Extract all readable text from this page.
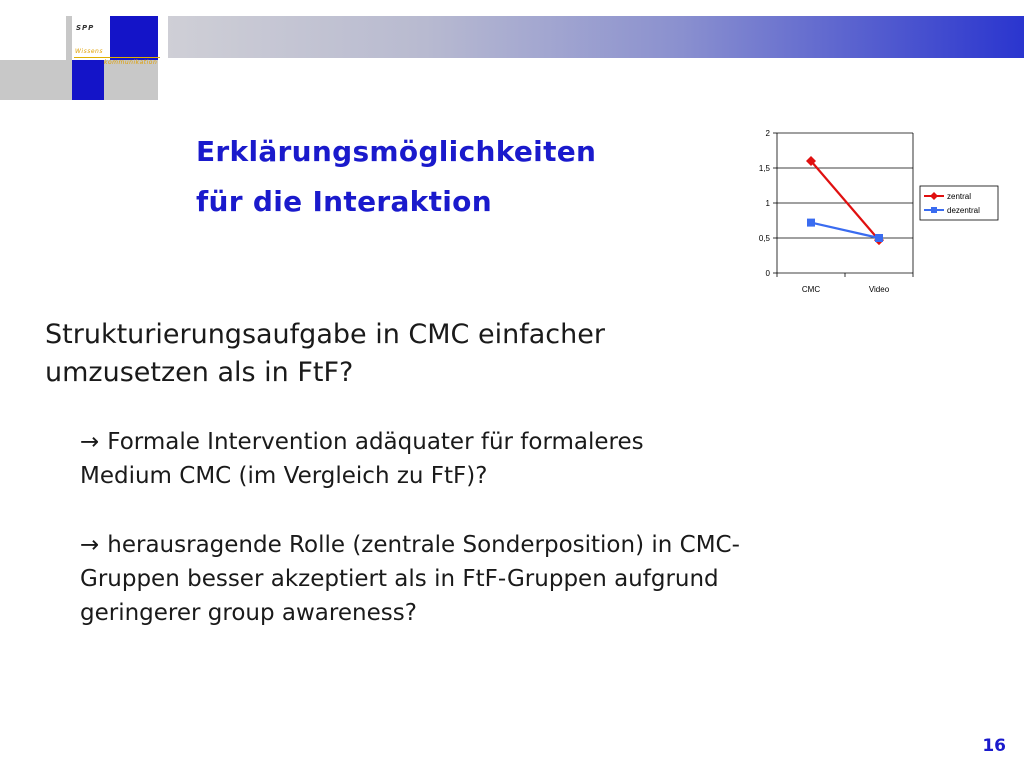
SPP
Wissens
kommunikation
Erklärungsmöglichkeiten
für die Interaktion
Strukturierungsaufgabe in CMC einfacher
umzusetzen als in FtF?
→ Formale Intervention adäquater für formaleres
Medium CMC (im Vergleich zu FtF)?
→ herausragende Rolle (zentrale Sonderposition) in CMC-
Gruppen besser akzeptiert als in FtF-Gruppen aufgrund
geringerer group awareness?
0
0,5
1
1,5
2
CMC	Video
zentral
dezentral
16
